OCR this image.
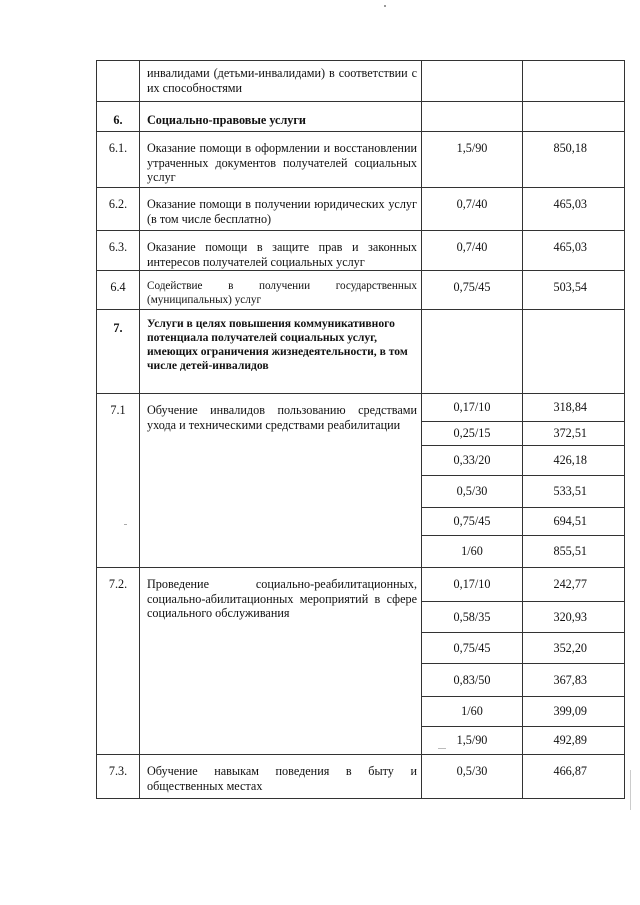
	инвалидами (детьми-инвалидами) в соответствии с их способностями		
6.	Социально-правовые услуги		
6.1.	Оказание помощи в оформлении и восстановлении утраченных документов получателей социальных услуг	1,5/90	850,18
6.2.	Оказание помощи в получении юридических услуг (в том числе бесплатно)	0,7/40	465,03
6.3.	Оказание помощи в защите прав и законных интересов получателей социальных услуг	0,7/40	465,03
6.4	Содействие в получении государственных (муниципальных) услуг	0,75/45	503,54
7.	Услуги в целях повышения коммуникативного потенциала получателей социальных услуг, имеющих ограничения жизнедеятельности, в том числе детей-инвалидов		
7.1	Обучение инвалидов пользованию средствами ухода и техническими средствами реабилитации	0,17/10	318,84
		0,25/15	372,51
		0,33/20	426,18
		0,5/30	533,51
		0,75/45	694,51
		1/60	855,51
7.2.	Проведение социально-реабилитационных, социально-абилитационных мероприятий в сфере социального обслуживания	0,17/10	242,77
		0,58/35	320,93
		0,75/45	352,20
		0,83/50	367,83
		1/60	399,09
		1,5/90	492,89
7.3.	Обучение навыкам поведения в быту и общественных местах	0,5/30	466,87
